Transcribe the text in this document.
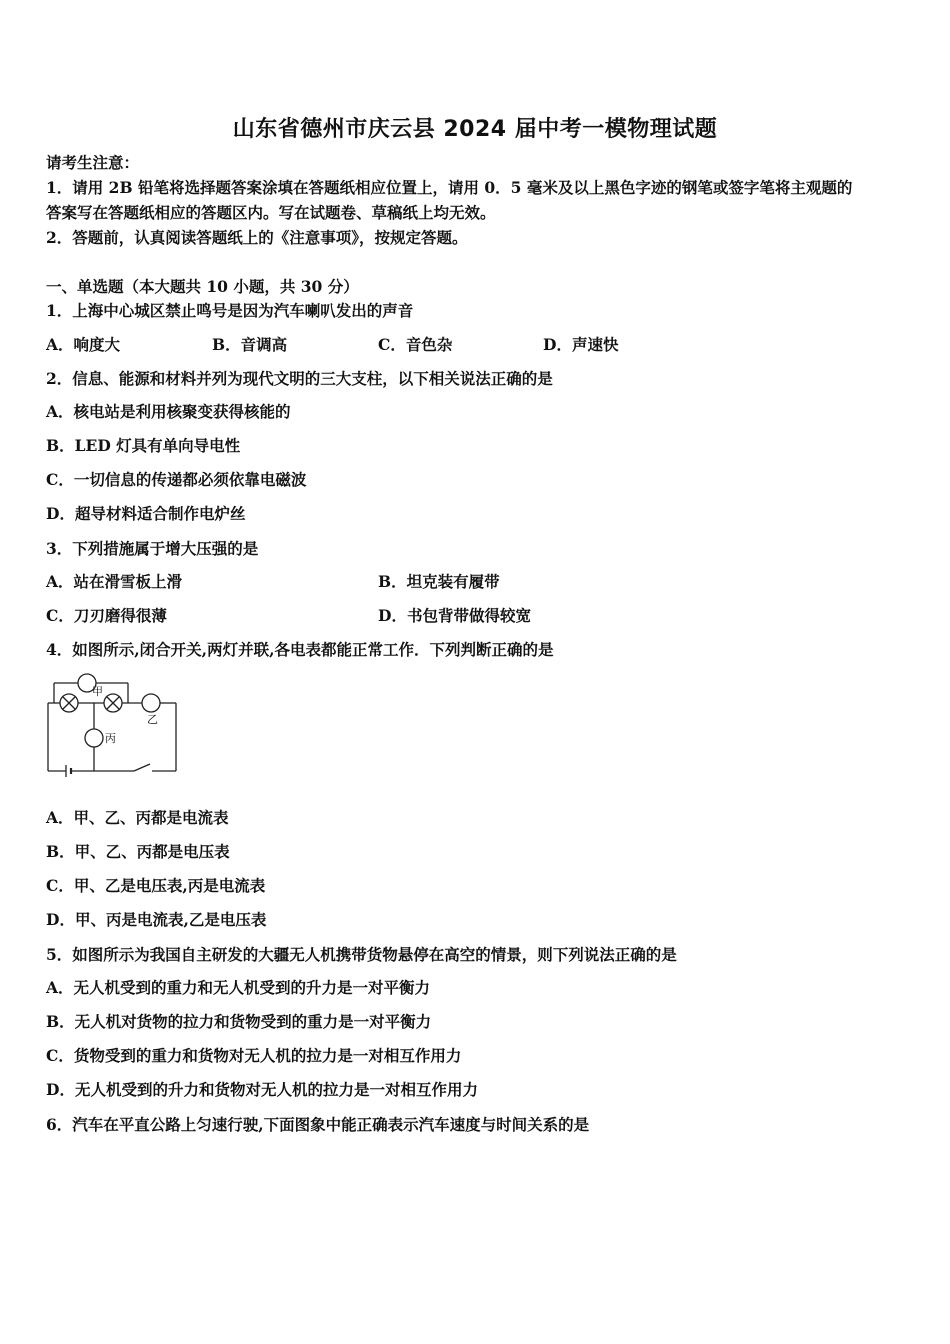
山东省德州市庆云县 2024 届中考一模物理试题
请考生注意：
1．请用 2B 铅笔将选择题答案涂填在答题纸相应位置上，请用 0．5 毫米及以上黑色字迹的钢笔或签字笔将主观题的
答案写在答题纸相应的答题区内。写在试题卷、草稿纸上均无效。
2．答题前，认真阅读答题纸上的《注意事项》，按规定答题。
一、单选题（本大题共 10 小题，共 30 分）
1．上海中心城区禁止鸣号是因为汽车喇叭发出的声音
A．响度大	B．音调高	C．音色杂	D．声速快
2．信息、能源和材料并列为现代文明的三大支柱，以下相关说法正确的是
A．核电站是利用核聚变获得核能的
B．LED 灯具有单向导电性
C．一切信息的传递都必须依靠电磁波
D．超导材料适合制作电炉丝
3．下列措施属于增大压强的是
A．站在滑雪板上滑	B．坦克装有履带
C．刀刃磨得很薄	D．书包背带做得较宽
4．如图所示,闭合开关,两灯并联,各电表都能正常工作．下列判断正确的是
甲
乙
丙
A．甲、乙、丙都是电流表
B．甲、乙、丙都是电压表
C．甲、乙是电压表,丙是电流表
D．甲、丙是电流表,乙是电压表
5．如图所示为我国自主研发的大疆无人机携带货物悬停在高空的情景，则下列说法正确的是
A．无人机受到的重力和无人机受到的升力是一对平衡力
B．无人机对货物的拉力和货物受到的重力是一对平衡力
C．货物受到的重力和货物对无人机的拉力是一对相互作用力
D．无人机受到的升力和货物对无人机的拉力是一对相互作用力
6．汽车在平直公路上匀速行驶,下面图象中能正确表示汽车速度与时间关系的是
